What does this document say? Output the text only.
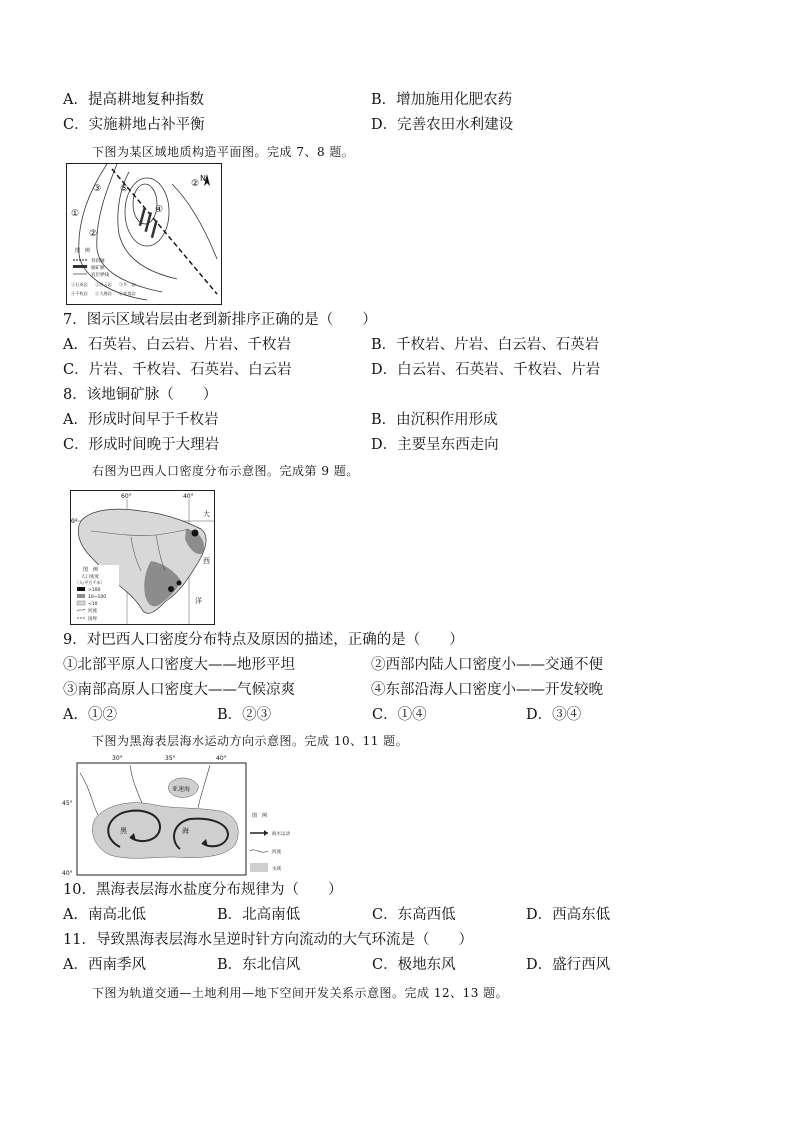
A．提高耕地复种指数	B．增加施用化肥农药
C．实施耕地占补平衡	D．完善农田水利建设
下图为某区域地质构造平面图。完成 7、8 题。
N
③ ⑤
④
②
①
②
图　例
背斜轴
铜矿脉
岩层界线
①石英岩 ②白云岩 ③片　岩
④千枚岩 ⑤大理岩 ⑥花岗岩
7．图示区域岩层由老到新排序正确的是（　　）
A．石英岩、白云岩、片岩、千枚岩	B．千枚岩、片岩、白云岩、石英岩
C．片岩、千枚岩、石英岩、白云岩	D．白云岩、石英岩、千枚岩、片岩
8．该地铜矿脉（　　）
A．形成时间早于千枚岩	B．由沉积作用形成
C．形成时间晚于大理岩	D．主要呈东西走向
右图为巴西人口密度分布示意图。完成第 9 题。
60°	40°
0°
大
西
洋
图　例
人口密度
（人/平方千米）
>100
10~100
<10
河流
国界
9．对巴西人口密度分布特点及原因的描述，正确的是（　　）
①北部平原人口密度大——地形平坦	②西部内陆人口密度小——交通不便
③南部高原人口密度大——气候凉爽	④东部沿海人口密度小——开发较晚
A．①②	B．②③	C．①④	D．③④
下图为黑海表层海水运动方向示意图。完成 10、11 题。
30°	35°	40°
45°
40°
亚速海
黑	海
图　例
海水运动
河流
水域
10．黑海表层海水盐度分布规律为（　　）
A．南高北低	B．北高南低	C．东高西低	D．西高东低
11．导致黑海表层海水呈逆时针方向流动的大气环流是（　　）
A．西南季风	B．东北信风	C．极地东风	D．盛行西风
下图为轨道交通—土地利用—地下空间开发关系示意图。完成 12、13 题。
